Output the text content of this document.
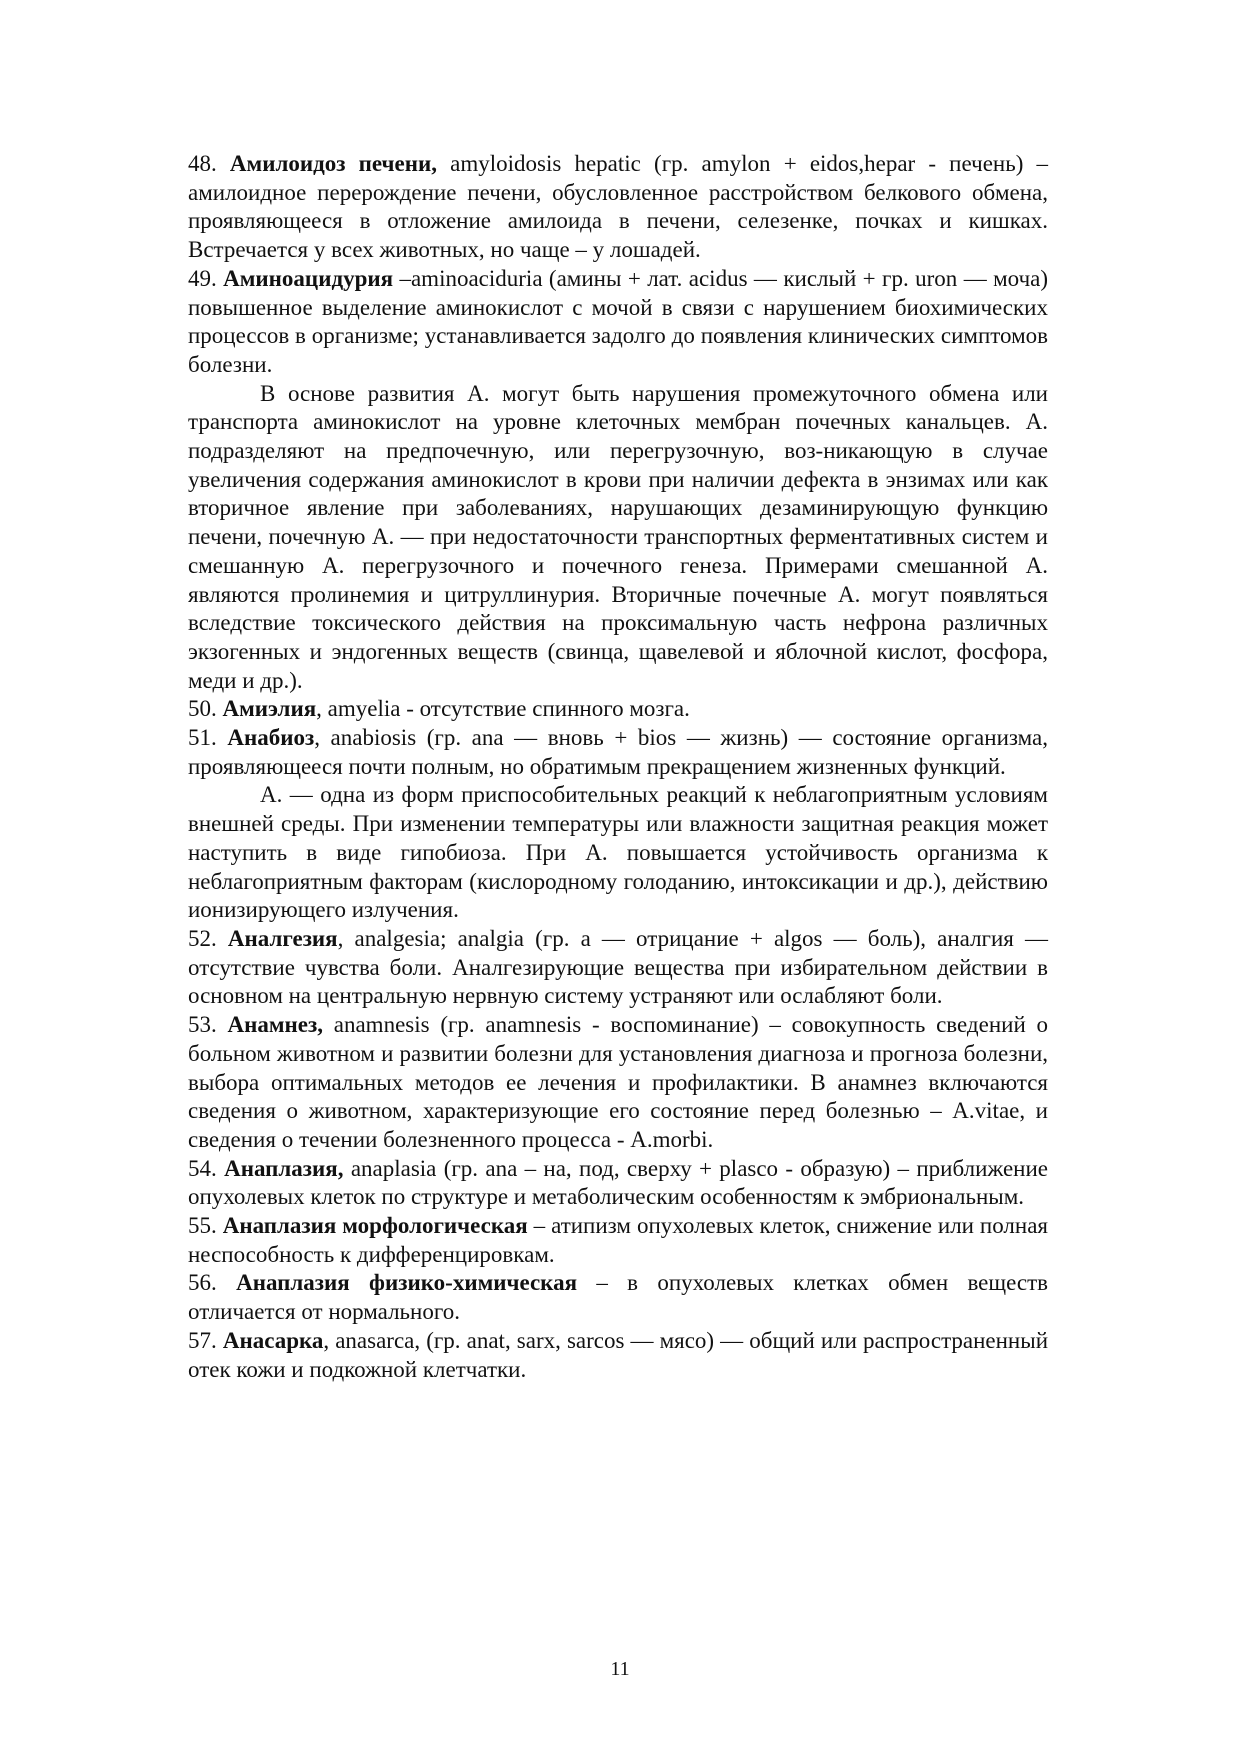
48. Амилоидоз печени, amyloidosis hepatic (гр. amylon + eidos,hepar - печень) – амилоидное перерождение печени, обусловленное расстройством белкового обмена, проявляющееся в отложение амилоида в печени, селезенке, почках и кишках. Встречается у всех животных, но чаще – у лошадей.

49. Аминоацидурия –aminoaciduria (амины + лат. acidus — кислый + гр. uron — моча) повышенное выделение аминокислот с мочой в связи с нарушением биохимических процессов в организме; устанавливается задолго до появления клинических симптомов болезни.

В основе развития А. могут быть нарушения промежуточного обмена или транспорта аминокислот на уровне клеточных мембран почечных канальцев. А. подразделяют на предпочечную, или перегрузочную, воз-никающую в случае увеличения содержания аминокислот в крови при наличии дефекта в энзимах или как вторичное явление при заболеваниях, нарушающих дезаминирующую функцию печени, почечную А. — при недостаточности транспортных ферментативных систем и смешанную А. перегрузочного и почечного генеза. Примерами смешанной А. являются пролинемия и цитруллинурия. Вторичные почечные А. могут появляться вследствие токсического действия на проксимальную часть нефрона различных экзогенных и эндогенных веществ (свинца, щавелевой и яблочной кислот, фосфора, меди и др.).

50. Амиэлия, amyelia - отсутствие спинного мозга.

51. Анабиоз, anabiosis (гр. ana — вновь + bios — жизнь) — состояние организма, проявляющееся почти полным, но обратимым прекращением жизненных функций.

А. — одна из форм приспособительных реакций к неблагоприятным условиям внешней среды. При изменении температуры или влажности защитная реакция может наступить в виде гипобиоза. При А. повышается устойчивость организма к неблагоприятным факторам (кислородному голоданию, интоксикации и др.), действию ионизирующего излучения.

52. Аналгезия, analgesia; analgia (гр. а — отрицание + algos — боль), аналгия — отсутствие чувства боли. Аналгезирующие вещества при избирательном действии в основном на центральную нервную систему устраняют или ослабляют боли.

53. Анамнез, anamnesis (гр. anamnesis - воспоминание) – совокупность сведений о больном животном и развитии болезни для установления диагноза и прогноза болезни, выбора оптимальных методов ее лечения и профилактики. В анамнез включаются сведения о животном, характеризующие его состояние перед болезнью – A.vitae, и сведения о течении болезненного процесса - A.morbi.

54. Анаплазия, anaplasia (гр. ana – на, под, сверху + plasco - образую) – приближение опухолевых клеток по структуре и метаболическим особенностям к эмбриональным.

55. Анаплазия морфологическая – атипизм опухолевых клеток, снижение или полная неспособность к дифференцировкам.

56. Анаплазия физико-химическая – в опухолевых клетках обмен веществ отличается от нормального.

57. Анасарка, anasarca, (гр. anat, sarx, sarcos — мясо) — общий или распространенный отек кожи и подкожной клетчатки.

11
